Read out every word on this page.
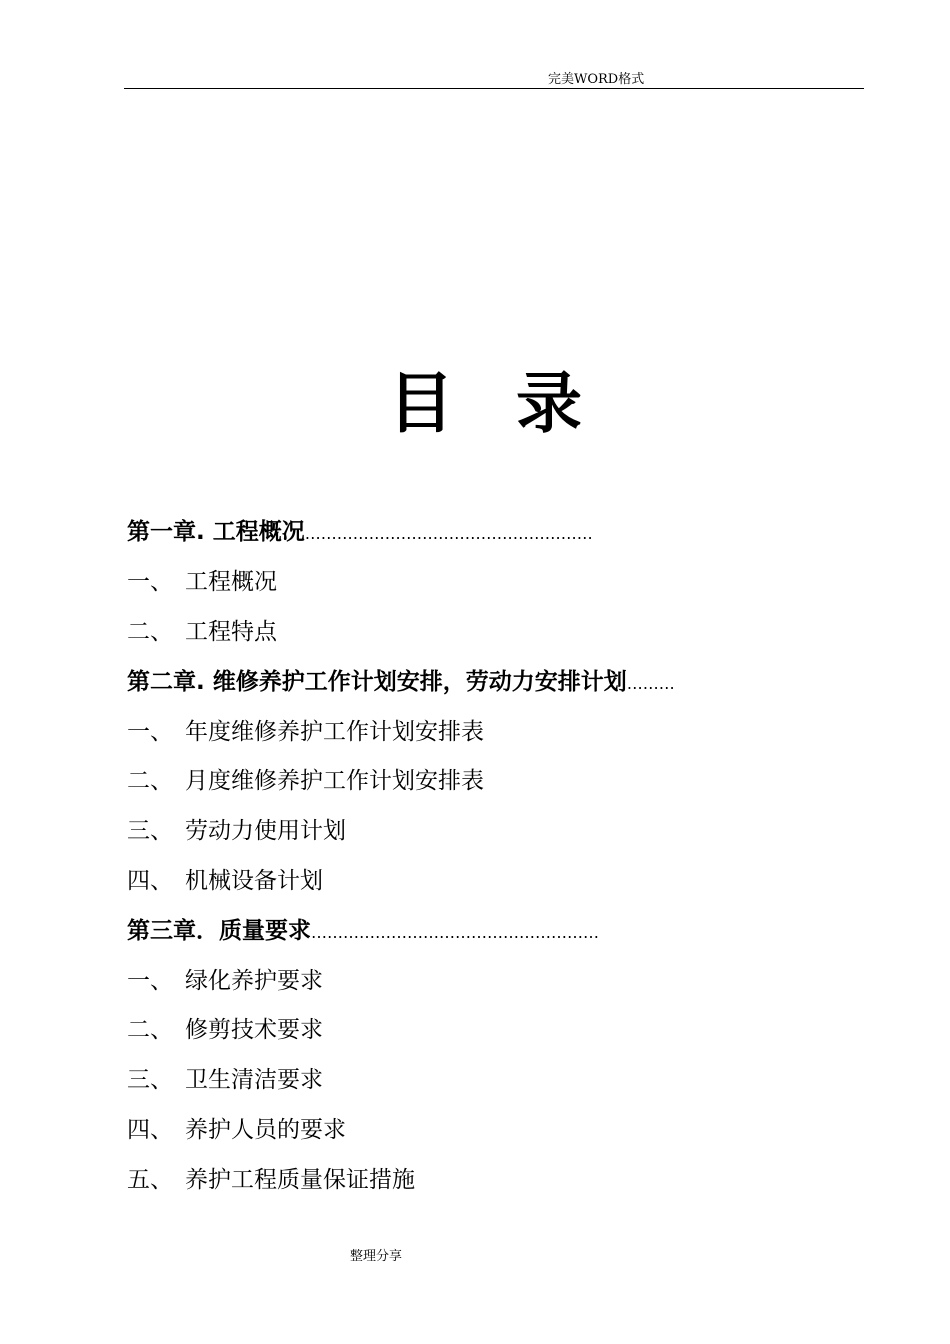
完美WORD格式
目 录
第一章. 工程概况 ………………………………………………
一、 工程概况
二、 工程特点
第二章. 维修养护工作计划安排，劳动力安排计划 ………
一、 年度维修养护工作计划安排表
二、 月度维修养护工作计划安排表
三、 劳动力使用计划
四、 机械设备计划
第三章．质量要求 ………………………………………………
一、 绿化养护要求
二、 修剪技术要求
三、 卫生清洁要求
四、 养护人员的要求
五、 养护工程质量保证措施
整理分享
